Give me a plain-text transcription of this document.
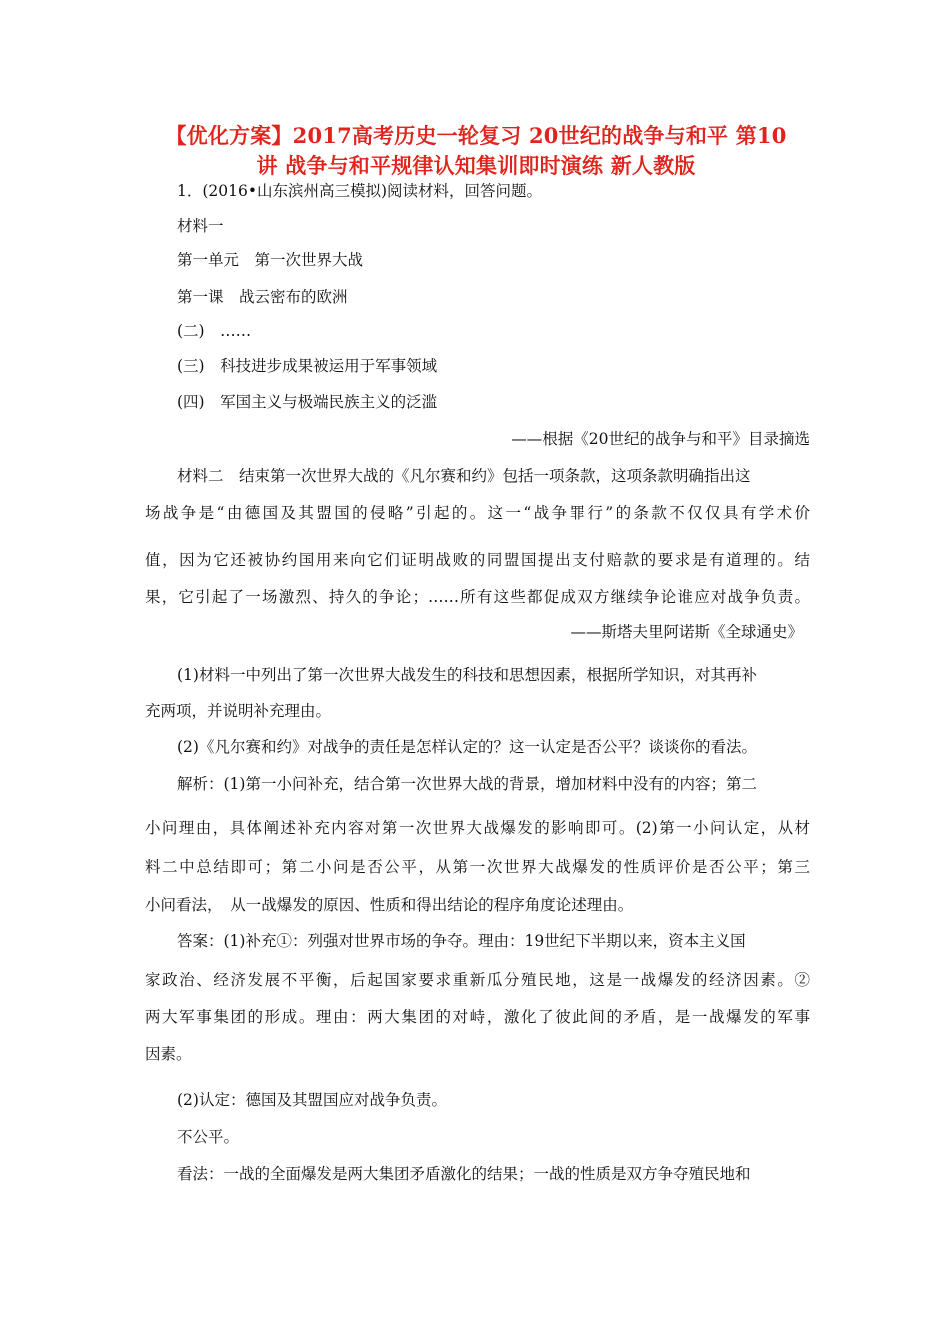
【优化方案】2017高考历史一轮复习 20世纪的战争与和平 第10
讲 战争与和平规律认知集训即时演练 新人教版
1．(2016•山东滨州高三模拟)阅读材料，回答问题。
材料一
第一单元　第一次世界大战
第一课　战云密布的欧洲
(二)　……
(三)　科技进步成果被运用于军事领域
(四)　军国主义与极端民族主义的泛滥
——根据《20世纪的战争与和平》目录摘选
材料二　结束第一次世界大战的《凡尔赛和约》包括一项条款，这项条款明确指出这
场战争是“由德国及其盟国的侵略”引起的。这一“战争罪行”的条款不仅仅具有学术价
值，因为它还被协约国用来向它们证明战败的同盟国提出支付赔款的要求是有道理的。结
果，它引起了一场激烈、持久的争论；……所有这些都促成双方继续争论谁应对战争负责。
——斯塔夫里阿诺斯《全球通史》
(1)材料一中列出了第一次世界大战发生的科技和思想因素，根据所学知识，对其再补
充两项，并说明补充理由。
(2)《凡尔赛和约》对战争的责任是怎样认定的？这一认定是否公平？谈谈你的看法。
解析：(1)第一小问补充，结合第一次世界大战的背景，增加材料中没有的内容；第二
小问理由，具体阐述补充内容对第一次世界大战爆发的影响即可。(2)第一小问认定，从材
料二中总结即可；第二小问是否公平，从第一次世界大战爆发的性质评价是否公平；第三
小问看法，　从一战爆发的原因、性质和得出结论的程序角度论述理由。
答案：(1)补充①：列强对世界市场的争夺。理由：19世纪下半期以来，资本主义国
家政治、经济发展不平衡，后起国家要求重新瓜分殖民地，这是一战爆发的经济因素。②
两大军事集团的形成。理由：两大集团的对峙，激化了彼此间的矛盾，是一战爆发的军事
因素。
(2)认定：德国及其盟国应对战争负责。
不公平。
看法：一战的全面爆发是两大集团矛盾激化的结果；一战的性质是双方争夺殖民地和
